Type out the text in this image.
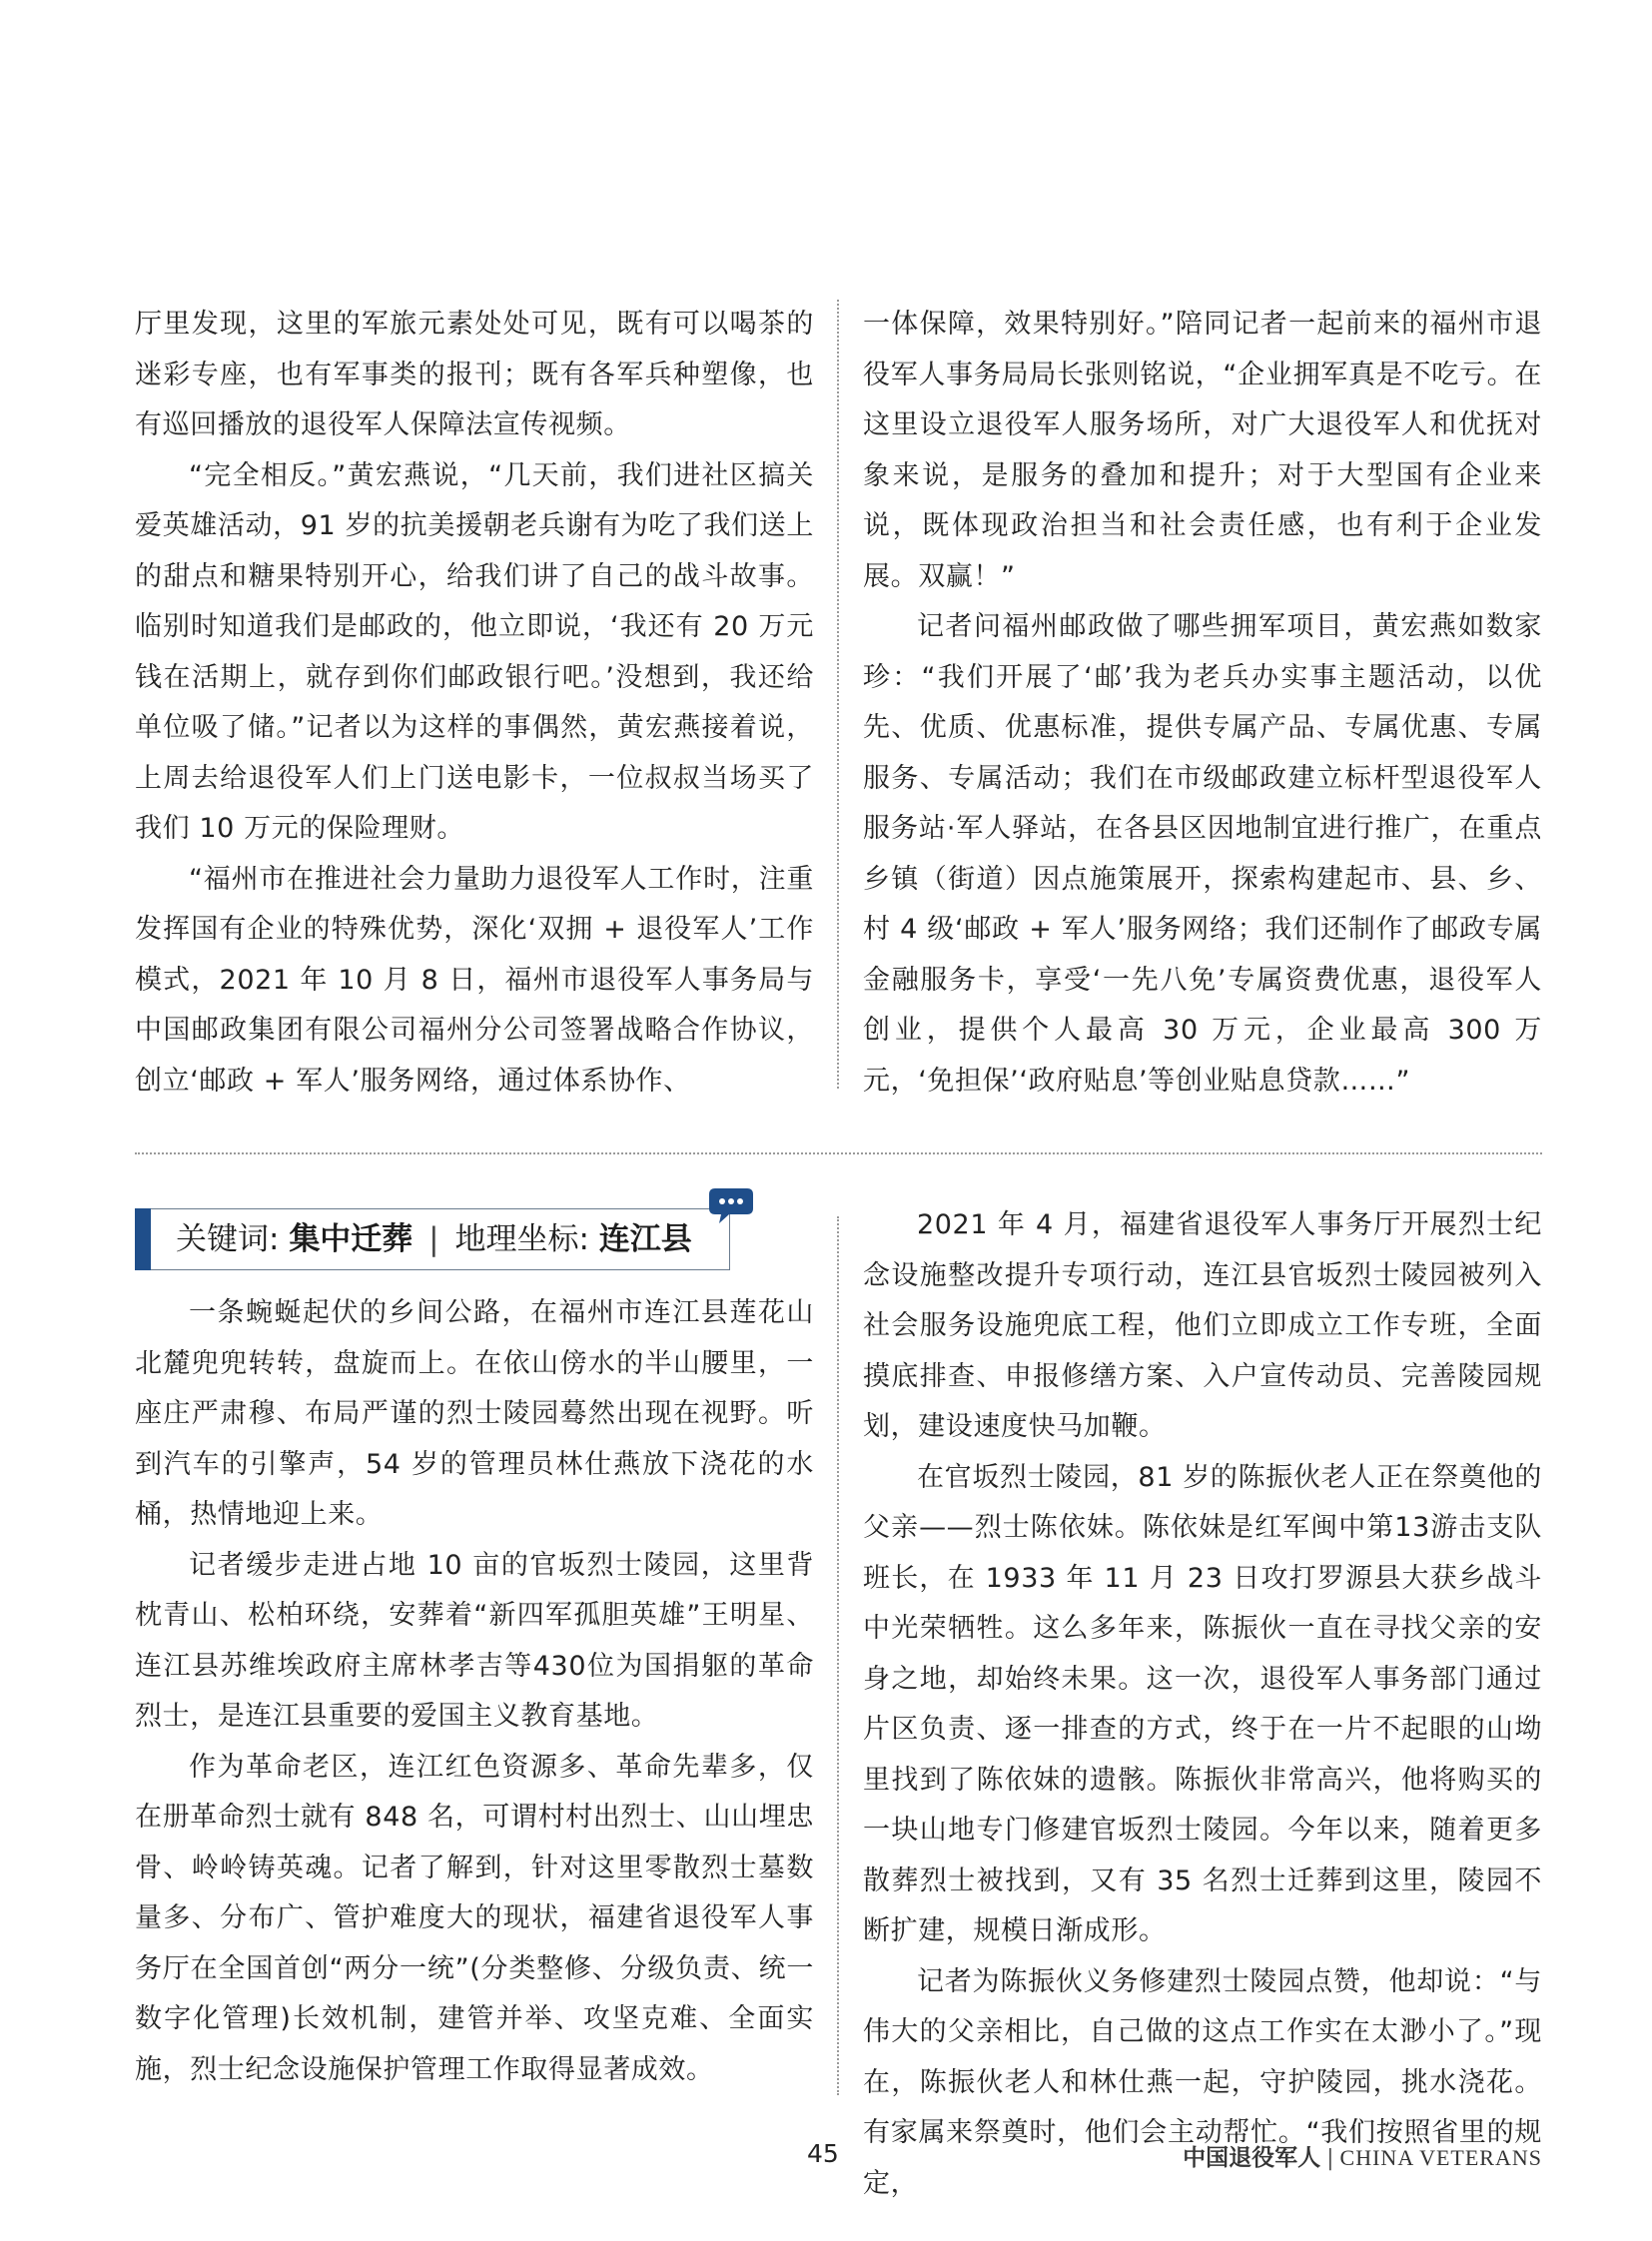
厅里发现，这里的军旅元素处处可见，既有可以喝茶的迷彩专座，也有军事类的报刊；既有各军兵种塑像，也有巡回播放的退役军人保障法宣传视频。

“完全相反。”黄宏燕说，“几天前，我们进社区搞关爱英雄活动，91 岁的抗美援朝老兵谢有为吃了我们送上的甜点和糖果特别开心，给我们讲了自己的战斗故事。临别时知道我们是邮政的，他立即说，‘我还有 20 万元钱在活期上，就存到你们邮政银行吧。’没想到，我还给单位吸了储。”记者以为这样的事偶然，黄宏燕接着说，上周去给退役军人们上门送电影卡，一位叔叔当场买了我们 10 万元的保险理财。

“福州市在推进社会力量助力退役军人工作时，注重发挥国有企业的特殊优势，深化‘双拥 + 退役军人’工作模式，2021 年 10 月 8 日，福州市退役军人事务局与中国邮政集团有限公司福州分公司签署战略合作协议，创立‘邮政 + 军人’服务网络，通过体系协作、

一体保障，效果特别好。”陪同记者一起前来的福州市退役军人事务局局长张则铭说，“企业拥军真是不吃亏。在这里设立退役军人服务场所，对广大退役军人和优抚对象来说，是服务的叠加和提升；对于大型国有企业来说，既体现政治担当和社会责任感，也有利于企业发展。双赢！”

记者问福州邮政做了哪些拥军项目，黄宏燕如数家珍：“我们开展了‘邮’我为老兵办实事主题活动，以优先、优质、优惠标准，提供专属产品、专属优惠、专属服务、专属活动；我们在市级邮政建立标杆型退役军人服务站·军人驿站，在各县区因地制宜进行推广，在重点乡镇（街道）因点施策展开，探索构建起市、县、乡、村 4 级‘邮政 + 军人’服务网络；我们还制作了邮政专属金融服务卡，享受‘一先八免’专属资费优惠，退役军人创业，提供个人最高 30 万元，企业最高 300 万元，‘免担保’‘政府贴息’等创业贴息贷款……”

关键词: 集中迁葬 | 地理坐标: 连江县

一条蜿蜒起伏的乡间公路，在福州市连江县莲花山北麓兜兜转转，盘旋而上。在依山傍水的半山腰里，一座庄严肃穆、布局严谨的烈士陵园蓦然出现在视野。听到汽车的引擎声，54 岁的管理员林仕燕放下浇花的水桶，热情地迎上来。

记者缓步走进占地 10 亩的官坂烈士陵园，这里背枕青山、松柏环绕，安葬着“新四军孤胆英雄”王明星、连江县苏维埃政府主席林孝吉等430位为国捐躯的革命烈士，是连江县重要的爱国主义教育基地。

作为革命老区，连江红色资源多、革命先辈多，仅在册革命烈士就有 848 名，可谓村村出烈士、山山埋忠骨、岭岭铸英魂。记者了解到，针对这里零散烈士墓数量多、分布广、管护难度大的现状，福建省退役军人事务厅在全国首创“两分一统”(分类整修、分级负责、统一数字化管理)长效机制，建管并举、攻坚克难、全面实施，烈士纪念设施保护管理工作取得显著成效。

2021 年 4 月，福建省退役军人事务厅开展烈士纪念设施整改提升专项行动，连江县官坂烈士陵园被列入社会服务设施兜底工程，他们立即成立工作专班，全面摸底排查、申报修缮方案、入户宣传动员、完善陵园规划，建设速度快马加鞭。

在官坂烈士陵园，81 岁的陈振伙老人正在祭奠他的父亲——烈士陈依妹。陈依妹是红军闽中第13游击支队班长，在 1933 年 11 月 23 日攻打罗源县大获乡战斗中光荣牺牲。这么多年来，陈振伙一直在寻找父亲的安身之地，却始终未果。这一次，退役军人事务部门通过片区负责、逐一排查的方式，终于在一片不起眼的山坳里找到了陈依妹的遗骸。陈振伙非常高兴，他将购买的一块山地专门修建官坂烈士陵园。今年以来，随着更多散葬烈士被找到，又有 35 名烈士迁葬到这里，陵园不断扩建，规模日渐成形。

记者为陈振伙义务修建烈士陵园点赞，他却说：“与伟大的父亲相比，自己做的这点工作实在太渺小了。”现在，陈振伙老人和林仕燕一起，守护陵园，挑水浇花。有家属来祭奠时，他们会主动帮忙。“我们按照省里的规定，

45	中国退役军人 | CHINA VETERANS
